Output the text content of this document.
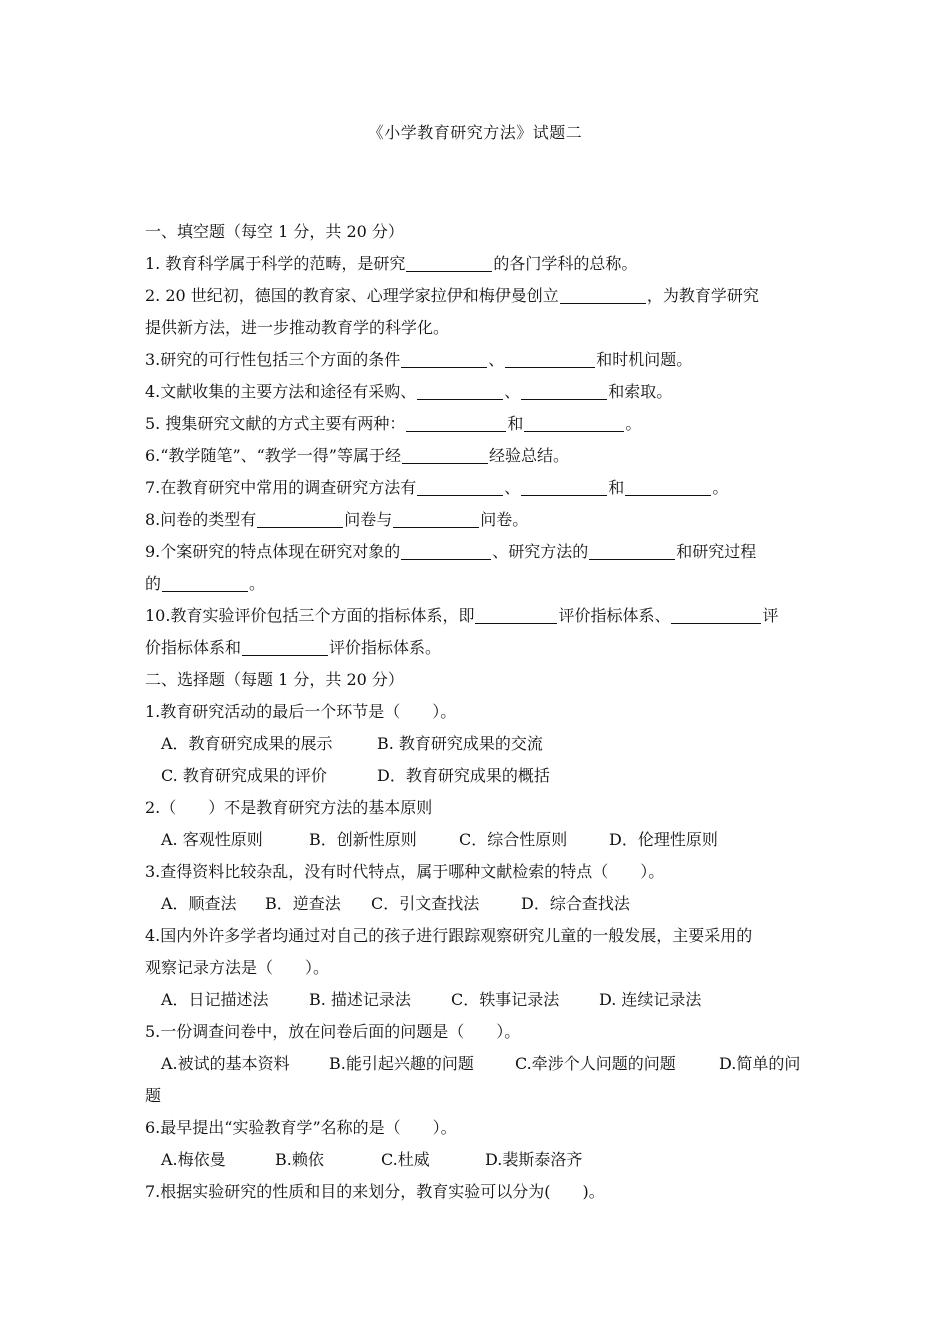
《小学教育研究方法》试题二
一、填空题（每空 1 分，共 20 分）
1. 教育科学属于科学的范畴，是研究	的各门学科的总称。
2. 20 世纪初，德国的教育家、心理学家拉伊和梅伊曼创立	，为教育学研究
提供新方法，进一步推动教育学的科学化。
3.研究的可行性包括三个方面的条件	、	和时机问题。
4.文献收集的主要方法和途径有采购、	、	和索取。
5. 搜集研究文献的方式主要有两种：	和	。
6.“教学随笔”、“教学一得”等属于经	经验总结。
7.在教育研究中常用的调查研究方法有	、	和	。
8.问卷的类型有	问卷与	问卷。
9.个案研究的特点体现在研究对象的	、研究方法的	和研究过程
的	。
10.教育实验评价包括三个方面的指标体系，即	评价指标体系、	评
价指标体系和	评价指标体系。
二、选择题（每题 1 分，共 20 分）
1.教育研究活动的最后一个环节是（　　）。
A．教育研究成果的展示	B. 教育研究成果的交流
C. 教育研究成果的评价	D．教育研究成果的概括
2.（　　）不是教育研究方法的基本原则
A. 客观性原则	B．创新性原则	C．综合性原则	D．伦理性原则
3.查得资料比较杂乱，没有时代特点，属于哪种文献检索的特点（　　）。
A．顺查法 B．逆查法 C．引文查找法	D．综合查找法
4.国内外许多学者均通过对自己的孩子进行跟踪观察研究儿童的一般发展，主要采用的
观察记录方法是（　　）。
A．日记描述法	B. 描述记录法	C．轶事记录法 D. 连续记录法
5.一份调查问卷中，放在问卷后面的问题是（　　）。
A.被试的基本资料 B.能引起兴趣的问题	C.牵涉个人问题的问题	D.简单的问
题
6.最早提出“实验教育学”名称的是（　　）。
A.梅依曼	B.赖依	C.杜威	D.裴斯泰洛齐
7.根据实验研究的性质和目的来划分，教育实验可以分为(　　)。
